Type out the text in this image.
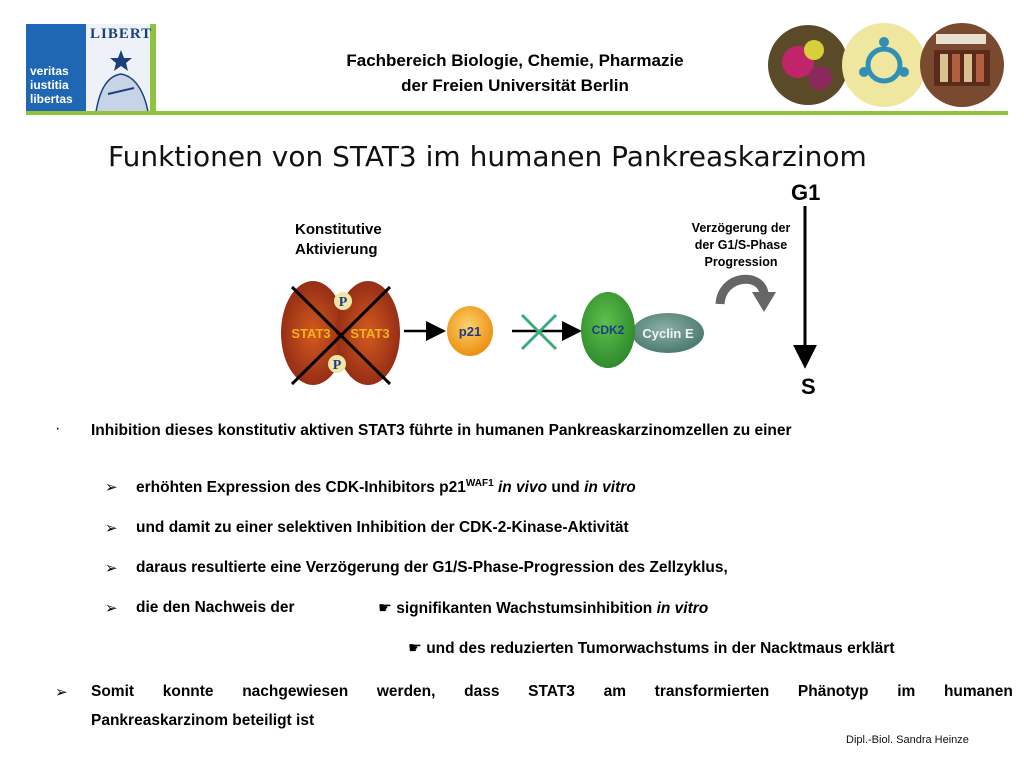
veritas
iustitia
libertas
LIBERT
Fachbereich Biologie, Chemie, Pharmazie
der Freien Universität Berlin
Funktionen von STAT3 im humanen Pankreaskarzinom
STAT3 STAT3
P
P
p21	Cyclin E
CDK2
Konstitutive
Aktivierung
Verzögerung der
der G1/S-Phase
Progression
G1
S
· Inhibition dieses konstitutiv aktiven STAT3 führte in humanen Pankreaskarzinomzellen zu einer
➢ erhöhten Expression des CDK-Inhibitors $p21^{WAF1}$ in vivo und in vitro
➢ und damit zu einer selektiven Inhibition der CDK-2-Kinase-Aktivität
➢ daraus resultierte eine Verzögerung der G1/S-Phase-Progression des Zellzyklus,
➢ die den Nachweis der	☛ signifikanten Wachstumsinhibition in vitro
☛ und des reduzierten Tumorwachstums in der Nacktmaus erklärt
➢ Somit konnte nachgewiesen werden, dass STAT3 am transformierten Phänotyp im humanen
Pankreaskarzinom beteiligt ist
Dipl.-Biol. Sandra Heinze
